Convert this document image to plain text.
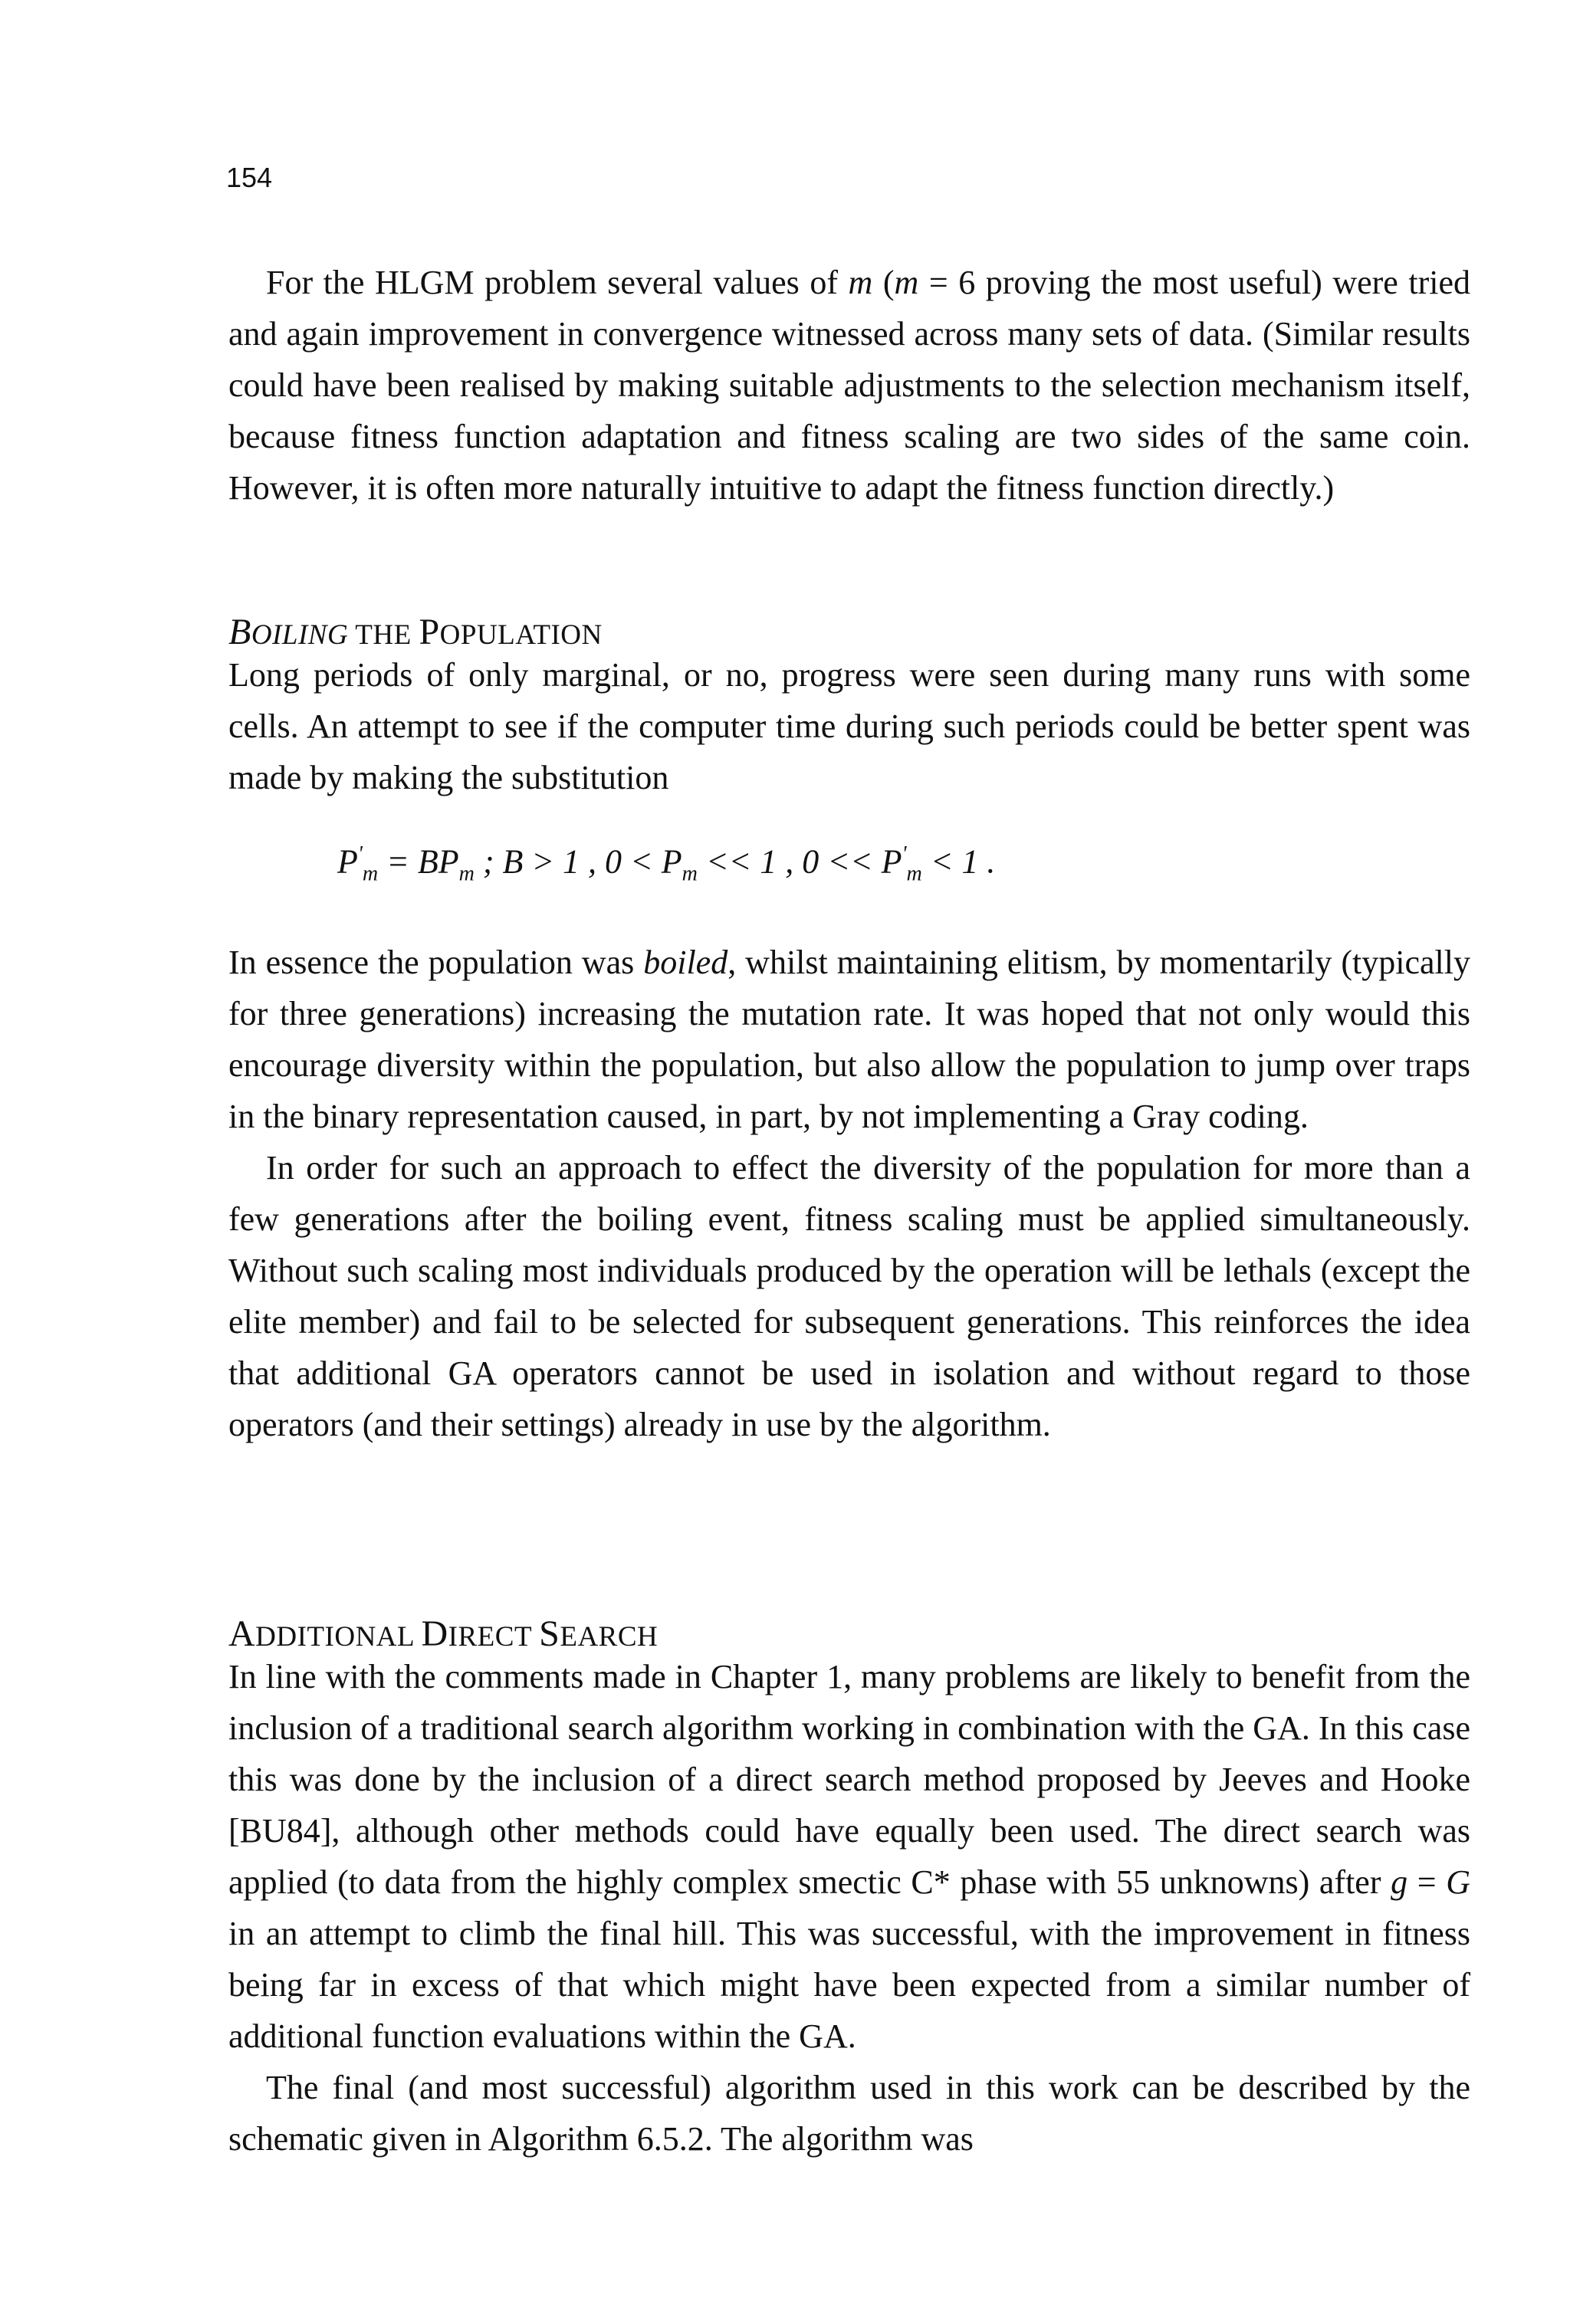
154

For the HLGM problem several values of m (m = 6 proving the most useful) were tried and again improvement in convergence witnessed across many sets of data. (Similar results could have been realised by making suitable adjustments to the selection mechanism itself, because fitness function adaptation and fitness scaling are two sides of the same coin. However, it is often more naturally intuitive to adapt the fitness function directly.)

BOILING THE POPULATION

Long periods of only marginal, or no, progress were seen during many runs with some cells. An attempt to see if the computer time during such periods could be better spent was made by making the substitution

$P'_m = BP_m$ ; B > 1 , $0 < P_m << 1$ , $0 << P'_m < 1$ .

In essence the population was boiled, whilst maintaining elitism, by momentarily (typically for three generations) increasing the mutation rate. It was hoped that not only would this encourage diversity within the population, but also allow the population to jump over traps in the binary representation caused, in part, by not implementing a Gray coding.

In order for such an approach to effect the diversity of the population for more than a few generations after the boiling event, fitness scaling must be applied simultaneously. Without such scaling most individuals produced by the operation will be lethals (except the elite member) and fail to be selected for subsequent generations. This reinforces the idea that additional GA operators cannot be used in isolation and without regard to those operators (and their settings) already in use by the algorithm.

ADDITIONAL DIRECT SEARCH

In line with the comments made in Chapter 1, many problems are likely to benefit from the inclusion of a traditional search algorithm working in combination with the GA. In this case this was done by the inclusion of a direct search method proposed by Jeeves and Hooke [BU84], although other methods could have equally been used. The direct search was applied (to data from the highly complex smectic C* phase with 55 unknowns) after g = G in an attempt to climb the final hill. This was successful, with the improvement in fitness being far in excess of that which might have been expected from a similar number of additional function evaluations within the GA.

The final (and most successful) algorithm used in this work can be described by the schematic given in Algorithm 6.5.2. The algorithm was
